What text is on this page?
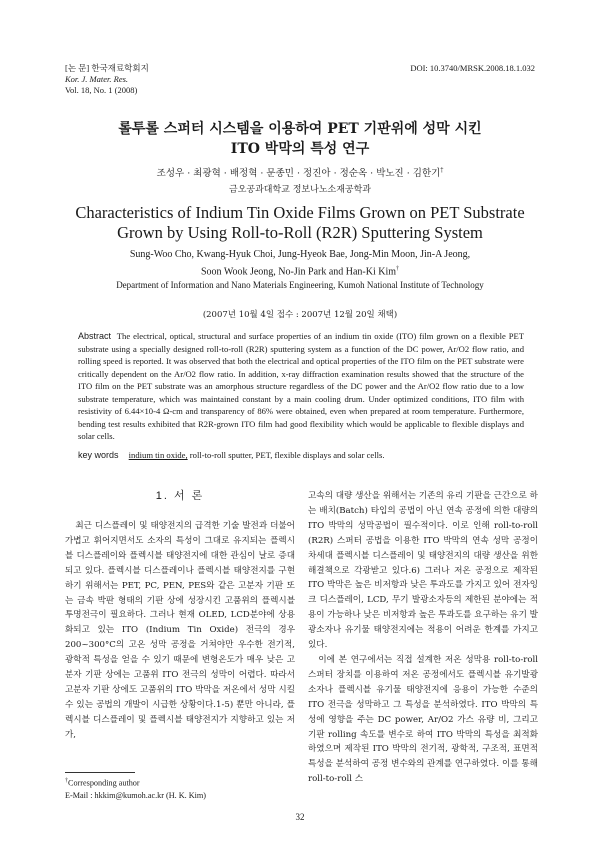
[논 문] 한국재료학회지
Kor. J. Mater. Res.
Vol. 18, No. 1 (2008)
DOI: 10.3740/MRSK.2008.18.1.032
롤투롤 스퍼터 시스템을 이용하여 PET 기판위에 성막 시킨
ITO 박막의 특성 연구
조성우 · 최광혁 · 배정혁 · 문종민 · 정진아 · 정순옥 · 박노진 · 김한기†
금오공과대학교 정보나노소재공학과
Characteristics of Indium Tin Oxide Films Grown on PET Substrate
Grown by Using Roll-to-Roll (R2R) Sputtering System
Sung-Woo Cho, Kwang-Hyuk Choi, Jung-Hyeok Bae, Jong-Min Moon, Jin-A Jeong,
Soon Wook Jeong, No-Jin Park and Han-Ki Kim†
Department of Information and Nano Materials Engineering, Kumoh National Institute of Technology
(2007년 10월 4일 접수 : 2007년 12월 20일 채택)
Abstract The electrical, optical, structural and surface properties of an indium tin oxide (ITO) film grown on a flexible PET substrate using a specially designed roll-to-roll (R2R) sputtering system as a function of the DC power, Ar/O2 flow ratio, and rolling speed is reported. It was observed that both the electrical and optical properties of the ITO film on the PET substrate were critically dependent on the Ar/O2 flow ratio. In addition, x-ray diffraction examination results showed that the structure of the ITO film on the PET substrate was an amorphous structure regardless of the DC power and the Ar/O2 flow ratio due to a low substrate temperature, which was maintained constant by a main cooling drum. Under optimized conditions, ITO film with resistivity of 6.44×10-4 Ω-cm and transparency of 86% were obtained, even when prepared at room temperature. Furthermore, bending test results exhibited that R2R-grown ITO film had good flexibility which would be applicable to flexible displays and solar cells.
key words indium tin oxide, roll-to-roll sputter, PET, flexible displays and solar cells.
1. 서 론
최근 디스플레이 및 태양전지의 급격한 기술 발전과 더불어 가볍고 휘어지면서도 소자의 특성이 그대로 유지되는 플렉시블 디스플레이와 플렉시블 태양전지에 대한 관심이 날로 증대되고 있다. 플렉시블 디스플레이나 플렉시블 태양전지를 구현하기 위해서는 PET, PC, PEN, PES와 같은 고분자 기판 또는 금속 박판 형태의 기판 상에 성장시킨 고품위의 플렉시블 투명전극이 필요하다. 그러나 현재 OLED, LCD분야에 상용화되고 있는 ITO (Indium Tin Oxide) 전극의 경우 200~300°C의 고온 성막 공정을 거쳐야만 우수한 전기적, 광학적 특성을 얻을 수 있기 때문에 변형온도가 매우 낮은 고분자 기판 상에는 고품위 ITO 전극의 성막이 어렵다. 따라서 고분자 기판 상에도 고품위의 ITO 박막을 저온에서 성막 시킬 수 있는 공법의 개발이 시급한 상황이다.1-5) 뿐만 아니라, 플렉시블 디스플레이 및 플렉시블 태양전지가 지향하고 있는 저가,
고속의 대량 생산을 위해서는 기존의 유리 기판을 근간으로 하는 배치(Batch) 타입의 공법이 아닌 연속 공정에 의한 대량의 ITO 박막의 성막공법이 필수적이다. 이로 인해 roll-to-roll (R2R) 스퍼터 공법을 이용한 ITO 박막의 연속 성막 공정이 차세대 플렉시블 디스플레이 및 태양전지의 대량 생산을 위한 해결책으로 각광받고 있다.6) 그러나 저온 공정으로 제작된 ITO 박막은 높은 비저항과 낮은 투과도를 가지고 있어 전자잉크 디스플레이, LCD, 무기 발광소자등의 제한된 분야에는 적용이 가능하나 낮은 비저항과 높은 투과도를 요구하는 유기 발광소자나 유기물 태양전지에는 적용이 어려운 한계를 가지고 있다.
이에 본 연구에서는 직접 설계한 저온 성막용 roll-to-roll 스퍼터 장치를 이용하여 저온 공정에서도 플렉시블 유기발광소자나 플렉시블 유기물 태양전지에 응용이 가능한 수준의 ITO 전극을 성막하고 그 특성을 분석하였다. ITO 박막의 특성에 영향을 주는 DC power, Ar/O2 가스 유량 비, 그리고 기판 rolling 속도를 변수로 하여 ITO 박막의 특성을 최적화 하였으며 제작된 ITO 박막의 전기적, 광학적, 구조적, 표면적 특성을 분석하여 공정 변수와의 관계를 연구하였다. 이를 통해 roll-to-roll 스
†Corresponding author
E-Mail : hkkim@kumoh.ac.kr (H. K. Kim)
32
